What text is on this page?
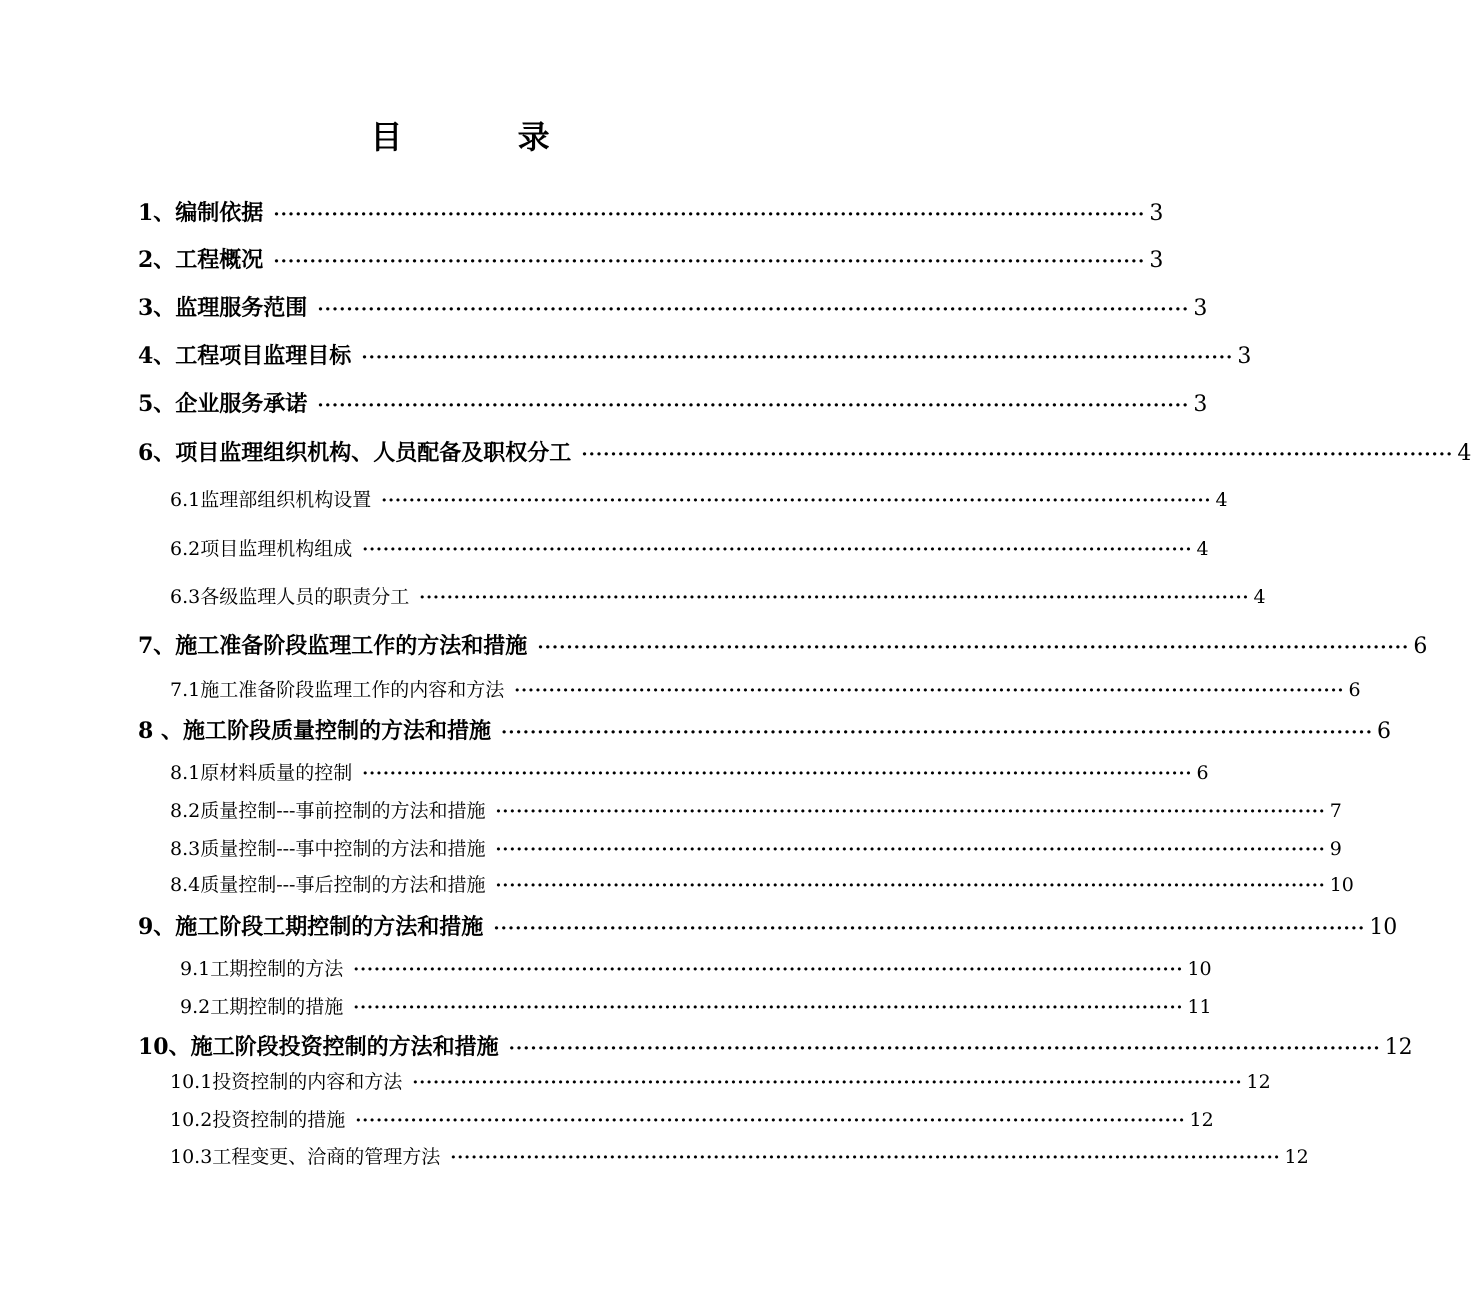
目 录
1、编制依据 ························································································································ 3
2、工程概况 ························································································································ 3
3、监理服务范围 ························································································································ 3
4、工程项目监理目标 ························································································································ 3
5、企业服务承诺 ························································································································ 3
6、项目监理组织机构、人员配备及职权分工 ························································································································ 4
6.1监理部组织机构设置 ························································································································ 4
6.2项目监理机构组成 ························································································································ 4
6.3各级监理人员的职责分工 ························································································································ 4
7、施工准备阶段监理工作的方法和措施 ························································································································ 6
7.1施工准备阶段监理工作的内容和方法 ························································································································ 6
8 、施工阶段质量控制的方法和措施 ························································································································ 6
8.1原材料质量的控制 ························································································································ 6
8.2质量控制---事前控制的方法和措施 ························································································································ 7
8.3质量控制---事中控制的方法和措施 ························································································································ 9
8.4质量控制---事后控制的方法和措施 ························································································································ 10
9、施工阶段工期控制的方法和措施 ························································································································ 10
9.1工期控制的方法 ························································································································ 10
9.2工期控制的措施 ························································································································ 11
10、施工阶段投资控制的方法和措施 ························································································································ 12
10.1投资控制的内容和方法 ························································································································ 12
10.2投资控制的措施 ························································································································ 12
10.3工程变更、洽商的管理方法 ························································································································ 12
